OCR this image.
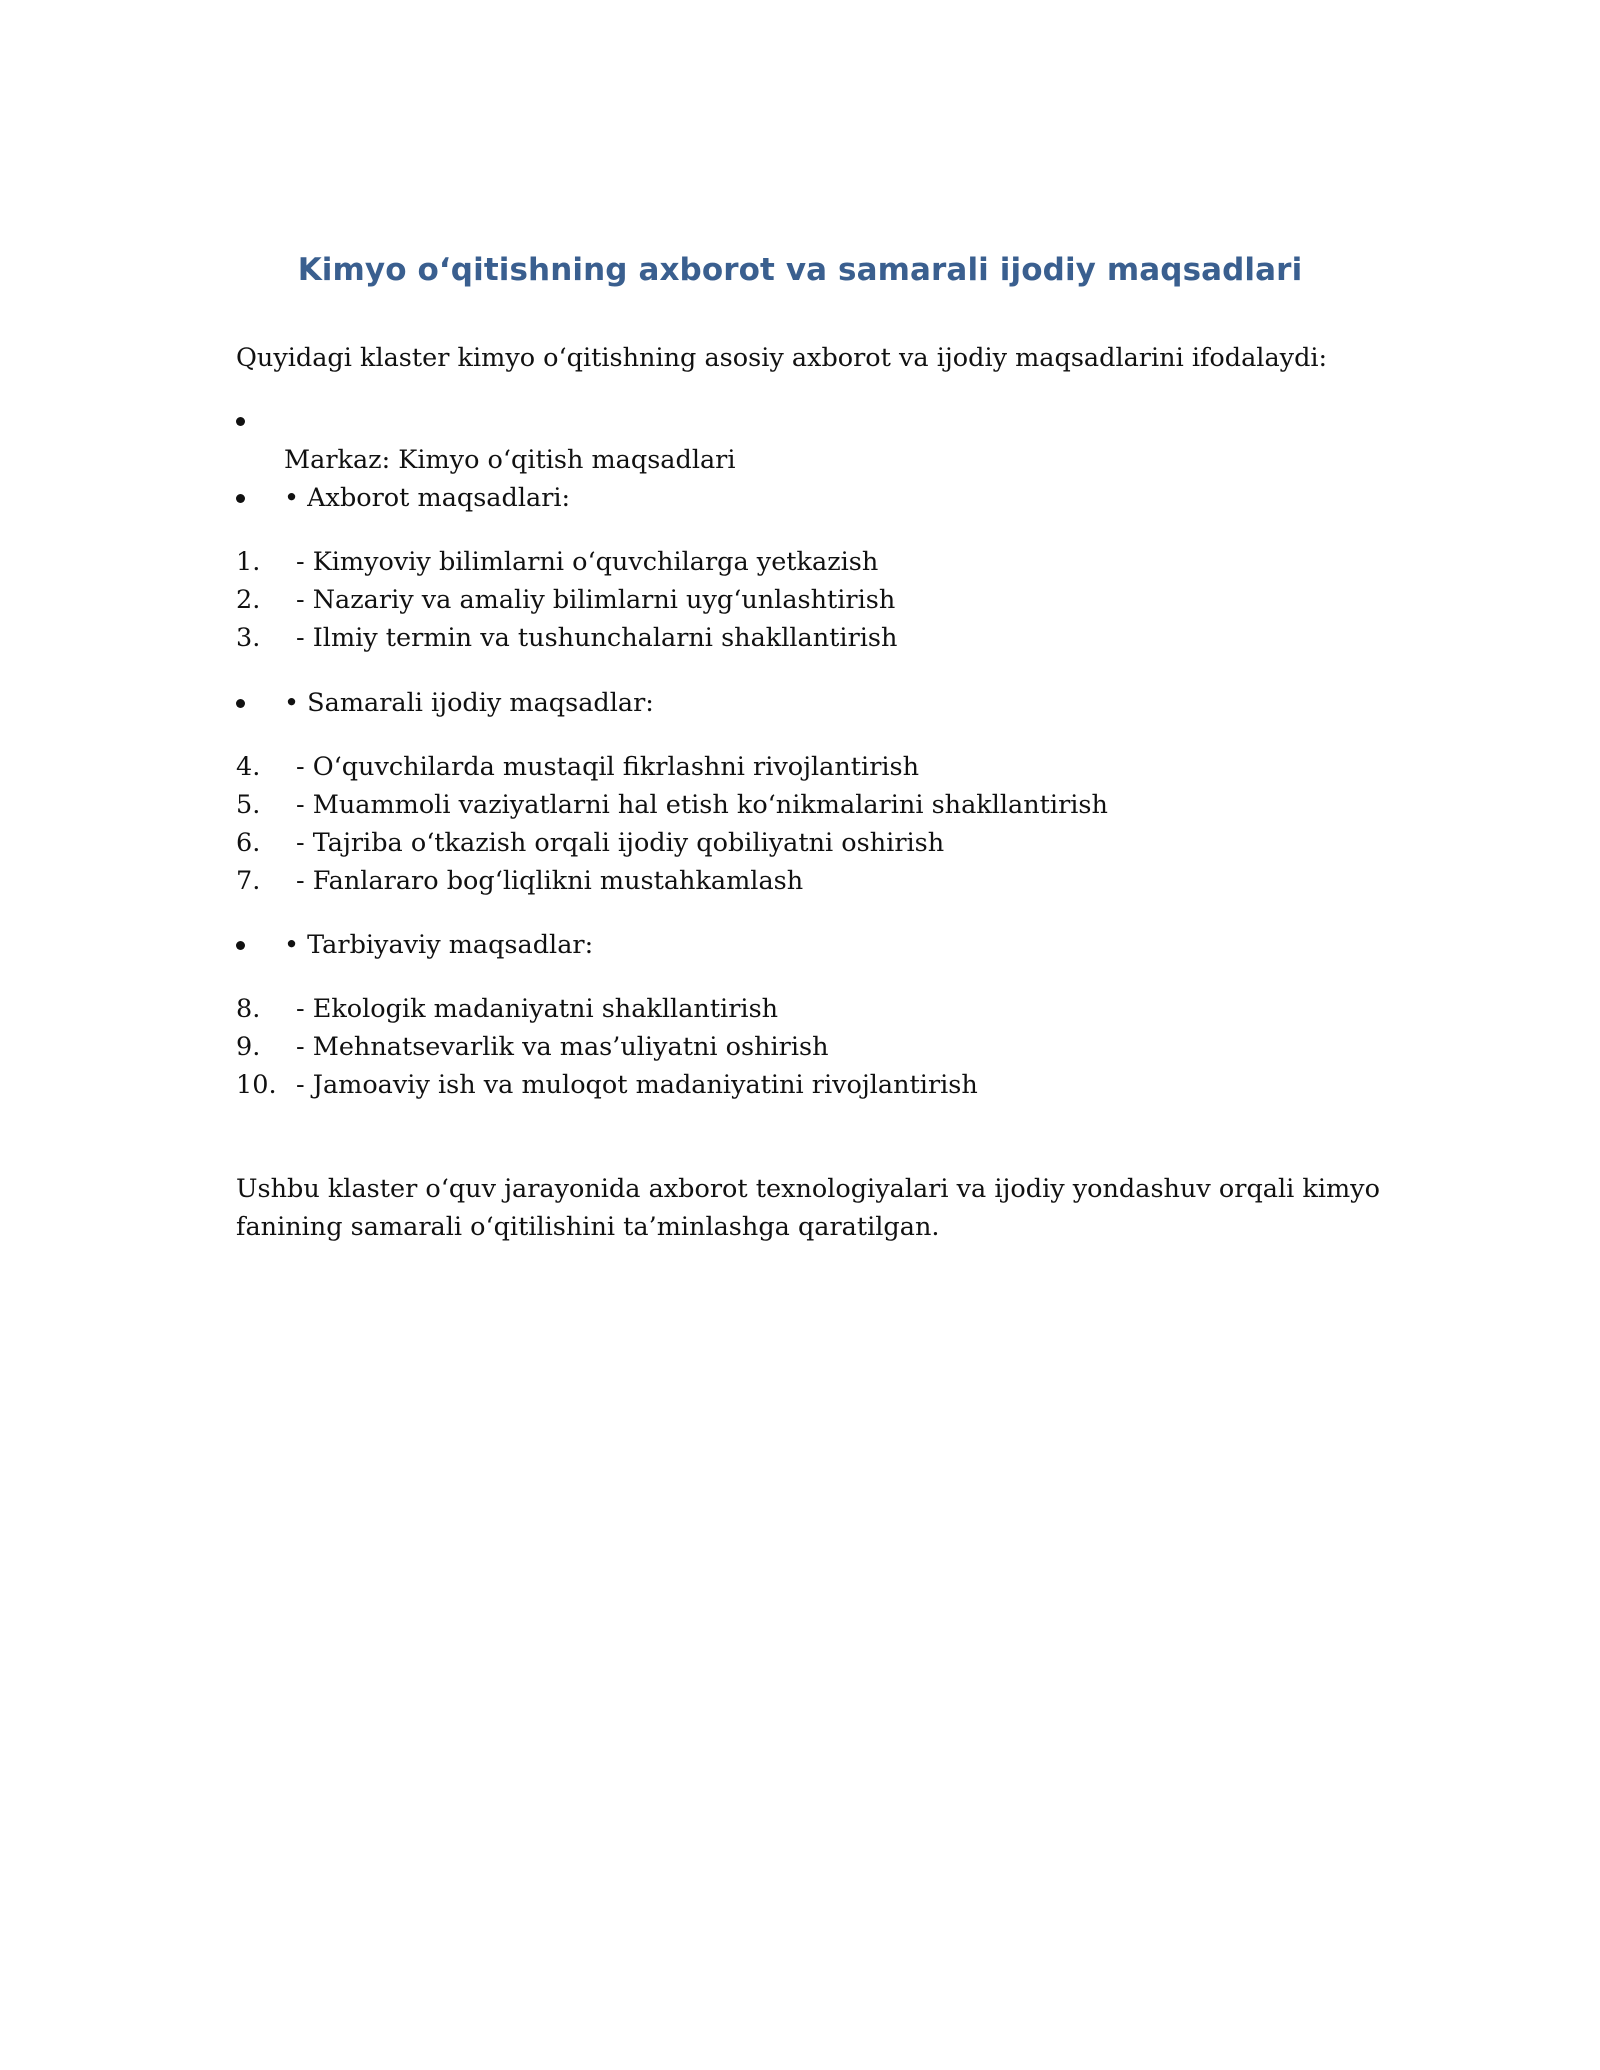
Kimyo o‘qitishning axborot va samarali ijodiy maqsadlari
Quyidagi klaster kimyo o‘qitishning asosiy axborot va ijodiy maqsadlarini ifodalaydi:
Markaz: Kimyo o‘qitish maqsadlari
• Axborot maqsadlari:
1. - Kimyoviy bilimlarni o‘quvchilarga yetkazish
2. - Nazariy va amaliy bilimlarni uyg‘unlashtirish
3. - Ilmiy termin va tushunchalarni shakllantirish
• Samarali ijodiy maqsadlar:
4. - O‘quvchilarda mustaqil fikrlashni rivojlantirish
5. - Muammoli vaziyatlarni hal etish ko‘nikmalarini shakllantirish
6. - Tajriba o‘tkazish orqali ijodiy qobiliyatni oshirish
7. - Fanlararo bog‘liqlikni mustahkamlash
• Tarbiyaviy maqsadlar:
8. - Ekologik madaniyatni shakllantirish
9. - Mehnatsevarlik va mas’uliyatni oshirish
10. - Jamoaviy ish va muloqot madaniyatini rivojlantirish
Ushbu klaster o‘quv jarayonida axborot texnologiyalari va ijodiy yondashuv orqali kimyo
fanining samarali o‘qitilishini ta’minlashga qaratilgan.
